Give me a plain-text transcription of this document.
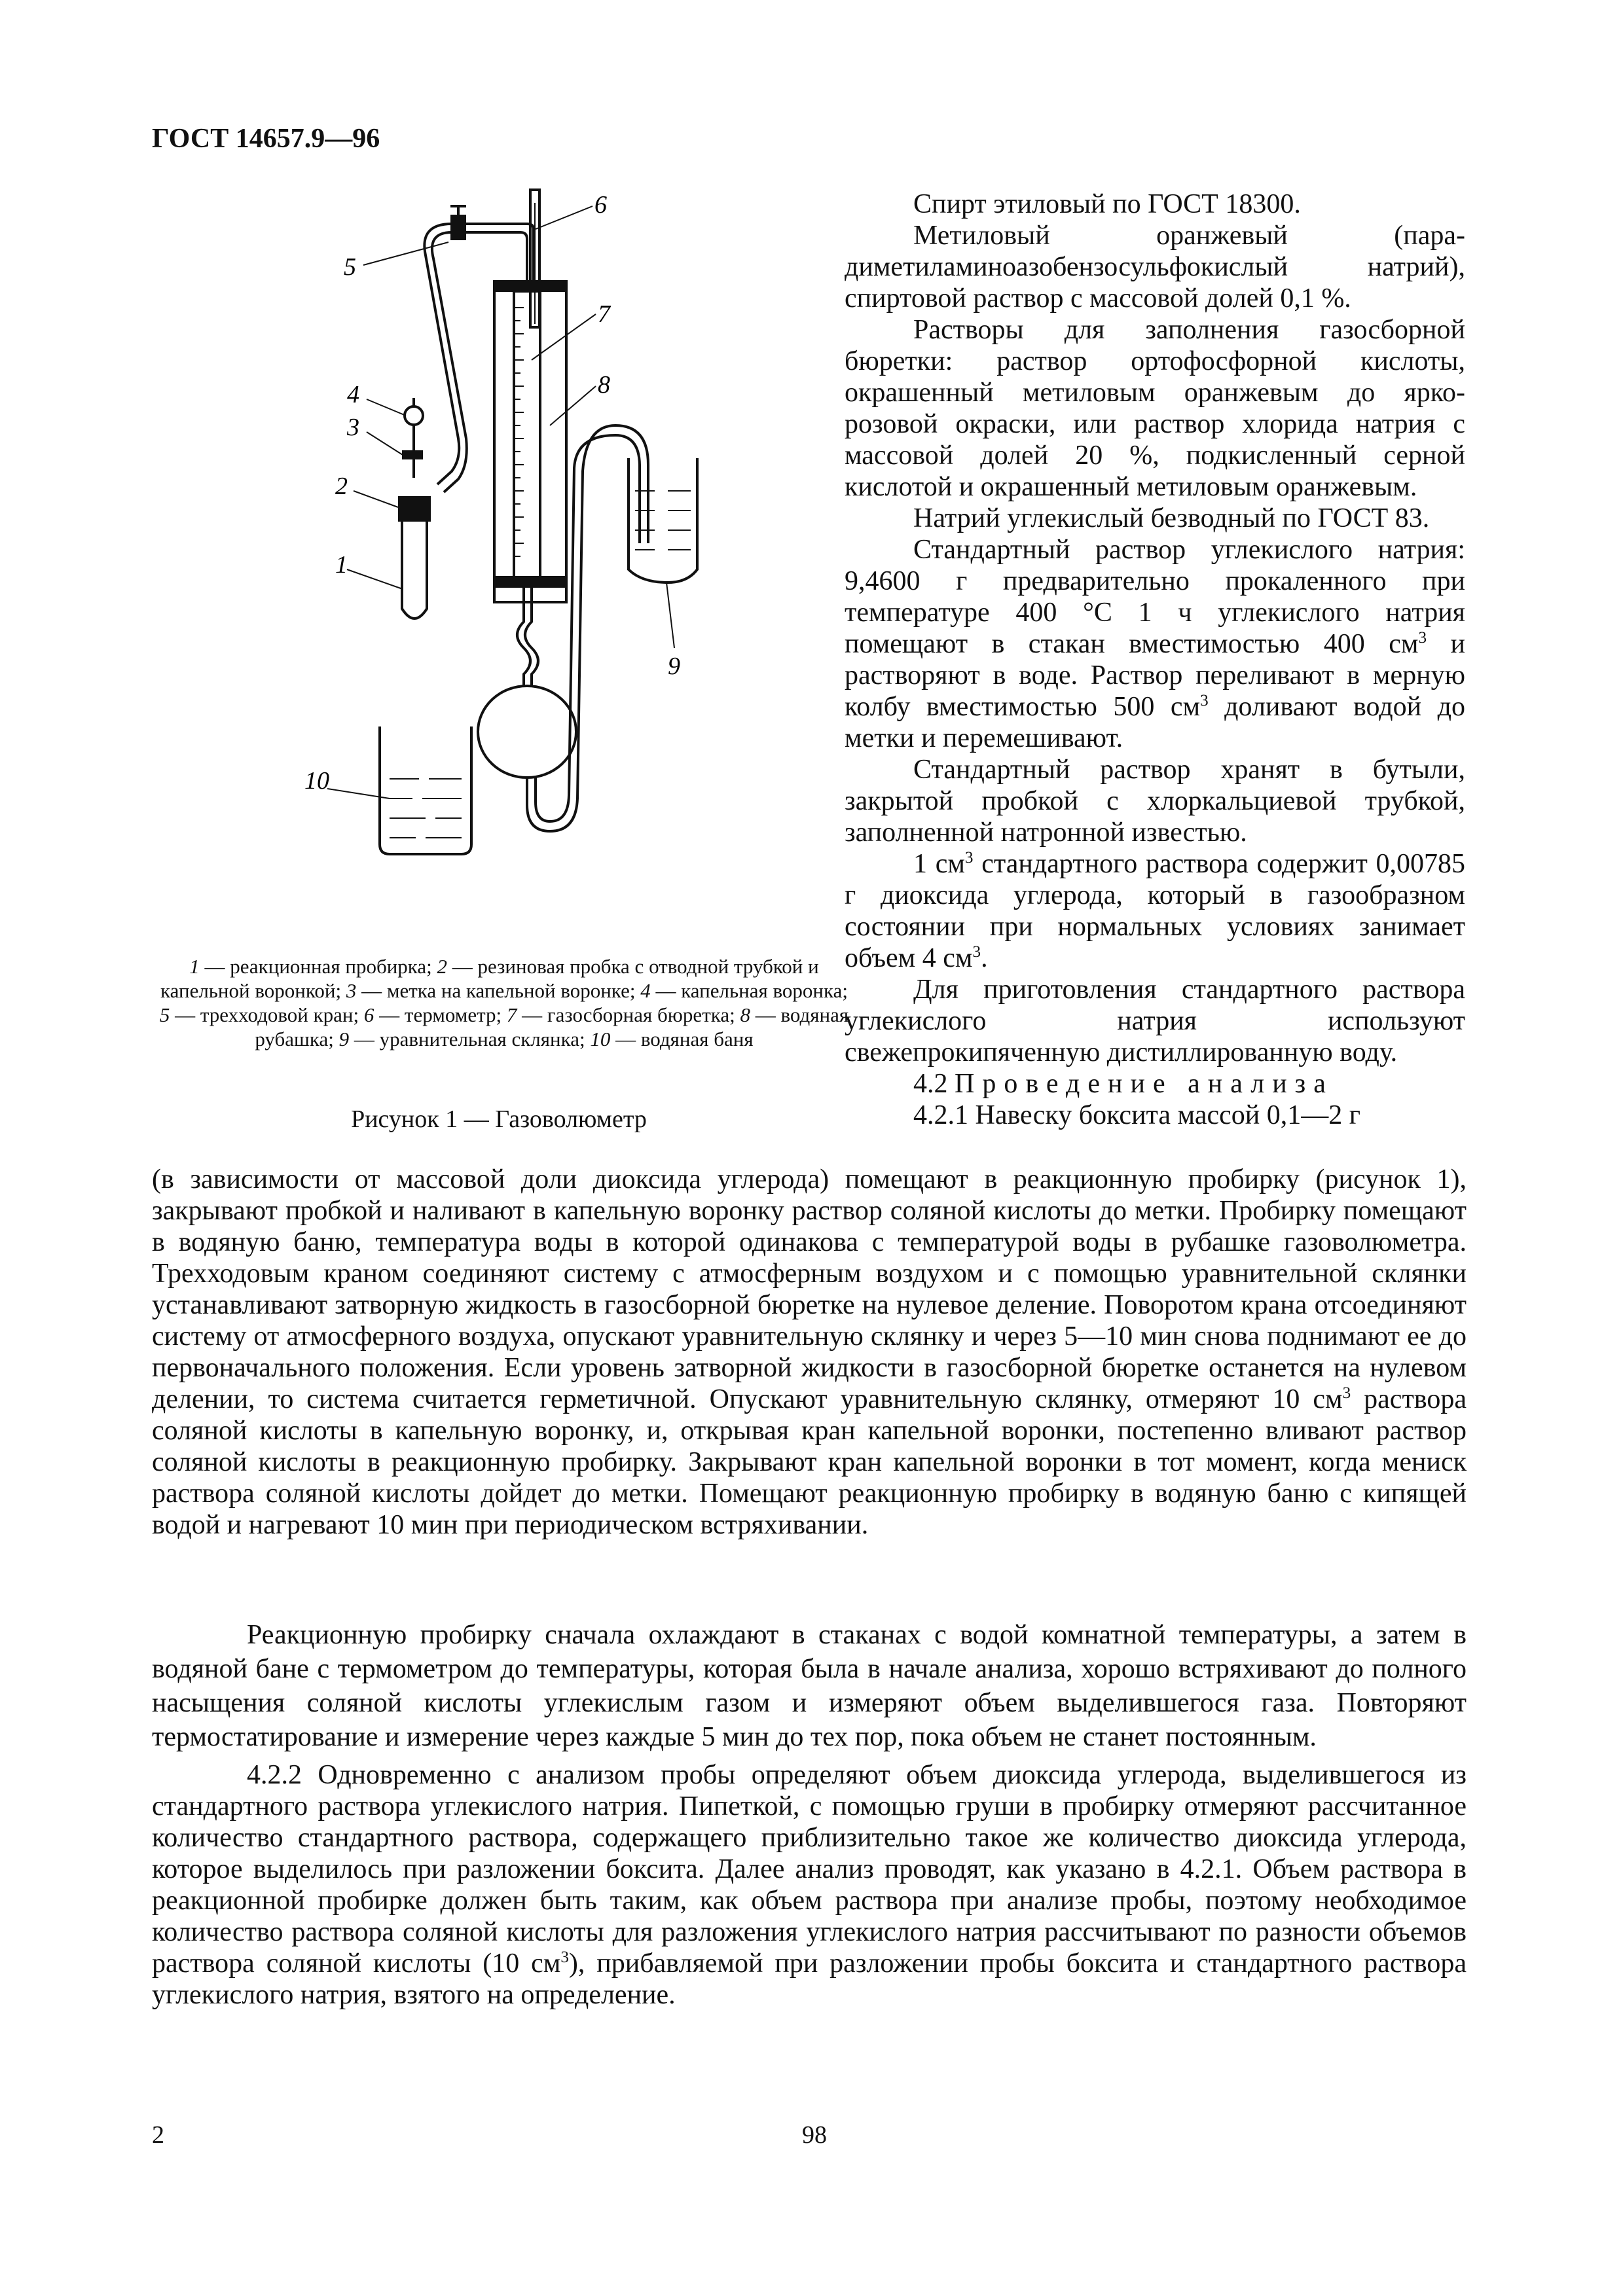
ГОСТ 14657.9—96
5
6
7
8
4
3
2
1
9
10
1 — реакционная пробирка; 2 — резиновая пробка с отводной трубкой и капельной воронкой; 3 — метка на капельной воронке; 4 — капельная воронка; 5 — трехходовой кран; 6 — термометр; 7 — газосборная бюретка; 8 — водяная рубашка; 9 — уравнительная склянка; 10 — водяная баня
Рисунок 1 — Газоволюметр

Спирт этиловый по ГОСТ 18300.

Метиловый оранжевый (пара-диметиламиноазобензосульфокислый натрий), спиртовой раствор с массовой долей 0,1 %.

Растворы для заполнения газосборной бюретки: раствор ортофосфорной кислоты, окрашенный метиловым оранжевым до ярко-розовой окраски, или раствор хлорида натрия с массовой долей 20 %, подкисленный серной кислотой и окрашенный метиловым оранжевым.

Натрий углекислый безводный по ГОСТ 83.

Стандартный раствор углекислого натрия: 9,4600 г предварительно прокаленного при температуре 400 °С 1 ч углекислого натрия помещают в стакан вместимостью 400 $см^3$ и растворяют в воде. Раствор переливают в мерную колбу вместимостью 500 $см^3$ доливают водой до метки и перемешивают.

Стандартный раствор хранят в бутыли, закрытой пробкой с хлоркальциевой трубкой, заполненной натронной известью.

1 $см^3$ стандартного раствора содержит 0,00785 г диоксида углерода, который в газообразном состоянии при нормальных условиях занимает объем 4 $см^3$.

Для приготовления стандартного раствора углекислого натрия используют свежепрокипяченную дистиллированную воду.

4.2 Проведение анализа

4.2.1 Навеску боксита массой 0,1—2 г

(в зависимости от массовой доли диоксида углерода) помещают в реакционную пробирку (рисунок 1), закрывают пробкой и наливают в капельную воронку раствор соляной кислоты до метки. Пробирку помещают в водяную баню, температура воды в которой одинакова с температурой воды в рубашке газоволюметра. Трехходовым краном соединяют систему с атмосферным воздухом и с помощью уравнительной склянки устанавливают затворную жидкость в газосборной бюретке на нулевое деление. Поворотом крана отсоединяют систему от атмосферного воздуха, опускают уравнительную склянку и через 5—10 мин снова поднимают ее до первоначального положения. Если уровень затворной жидкости в газосборной бюретке останется на нулевом делении, то система считается герметичной. Опускают уравнительную склянку, отмеряют 10 $см^3$ раствора соляной кислоты в капельную воронку, и, открывая кран капельной воронки, постепенно вливают раствор соляной кислоты в реакционную пробирку. Закрывают кран капельной воронки в тот момент, когда мениск раствора соляной кислоты дойдет до метки. Помещают реакционную пробирку в водяную баню с кипящей водой и нагревают 10 мин при периодическом встряхивании.

Реакционную пробирку сначала охлаждают в стаканах с водой комнатной температуры, а затем в водяной бане с термометром до температуры, которая была в начале анализа, хорошо встряхивают до полного насыщения соляной кислоты углекислым газом и измеряют объем выделившегося газа. Повторяют термостатирование и измерение через каждые 5 мин до тех пор, пока объем не станет постоянным.

4.2.2 Одновременно с анализом пробы определяют объем диоксида углерода, выделившегося из стандартного раствора углекислого натрия. Пипеткой, с помощью груши в пробирку отмеряют рассчитанное количество стандартного раствора, содержащего приблизительно такое же количество диоксида углерода, которое выделилось при разложении боксита. Далее анализ проводят, как указано в 4.2.1. Объем раствора в реакционной пробирке должен быть таким, как объем раствора при анализе пробы, поэтому необходимое количество раствора соляной кислоты для разложения углекислого натрия рассчитывают по разности объемов раствора соляной кислоты (10 $см^3$), прибавляемой при разложении пробы боксита и стандартного раствора углекислого натрия, взятого на определение.

2	98
